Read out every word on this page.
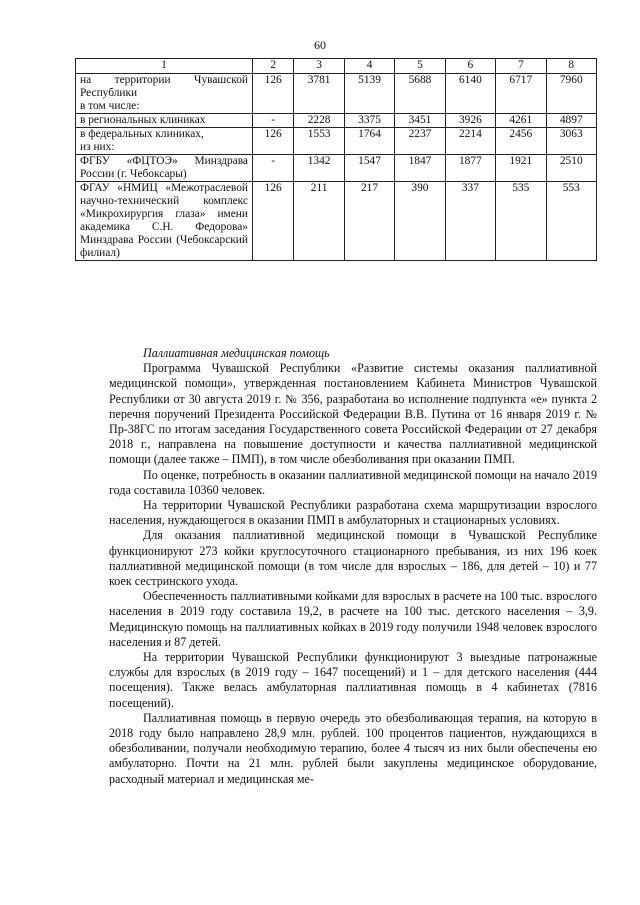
60
1	2	3	4	5	6	7	8

на территории Чувашской Республики
в том числе:	126	3781	5139	5688	6140	6717	7960
в региональных клиниках	-	2228	3375	3451	3926	4261	4897

в федеральных клиниках,
из них:	126	1553	1764	2237	2214	2456	3063
ФГБУ «ФЦТОЭ» Минздрава России (г. Чебоксары)	-	1342	1547	1847	1877	1921	2510
ФГАУ «НМИЦ «Межотраслевой научно-технический комплекс «Микрохирургия глаза» имени академика С.Н. Федорова» Минздрава России (Чебоксарский филиал)	126	211	217	390	337	535	553

Паллиативная медицинская помощь

Программа Чувашской Республики «Развитие системы оказания паллиативной медицинской помощи», утвержденная постановлением Кабинета Министров Чувашской Республики от 30 августа 2019 г. № 356, разработана во исполнение подпункта «е» пункта 2 перечня поручений Президента Российской Федерации В.В. Путина от 16 января 2019 г. № Пр-38ГС по итогам заседания Государственного совета Российской Федерации от 27 декабря 2018 г., направлена на повышение доступности и качества паллиативной медицинской помощи (далее также – ПМП), в том числе обезболивания при оказании ПМП.

По оценке, потребность в оказании паллиативной медицинской помощи на начало 2019 года составила 10360 человек.

На территории Чувашской Республики разработана схема маршрутизации взрослого населения, нуждающегося в оказании ПМП в амбулаторных и стационарных условиях.

Для оказания паллиативной медицинской помощи в Чувашской Республике функционируют 273 койки круглосуточного стационарного пребывания, из них 196 коек паллиативной медицинской помощи (в том числе для взрослых – 186, для детей – 10) и 77 коек сестринского ухода.

Обеспеченность паллиативными койками для взрослых в расчете на 100 тыс. взрослого населения в 2019 году составила 19,2, в расчете на 100 тыс. детского населения – 3,9. Медицинскую помощь на паллиативных койках в 2019 году получили 1948 человек взрослого населения и 87 детей.

На территории Чувашской Республики функционируют 3 выездные патронажные службы для взрослых (в 2019 году – 1647 посещений) и 1 – для детского населения (444 посещения). Также велась амбулаторная паллиативная помощь в 4 кабинетах (7816 посещений).

Паллиативная помощь в первую очередь это обезболивающая терапия, на которую в 2018 году было направлено 28,9 млн. рублей. 100 процентов пациентов, нуждающихся в обезболивании, получали необходимую терапию, более 4 тысяч из них были обеспечены ею амбулаторно. Почти на 21 млн. рублей были закуплены медицинское оборудование, расходный материал и медицинская ме-
